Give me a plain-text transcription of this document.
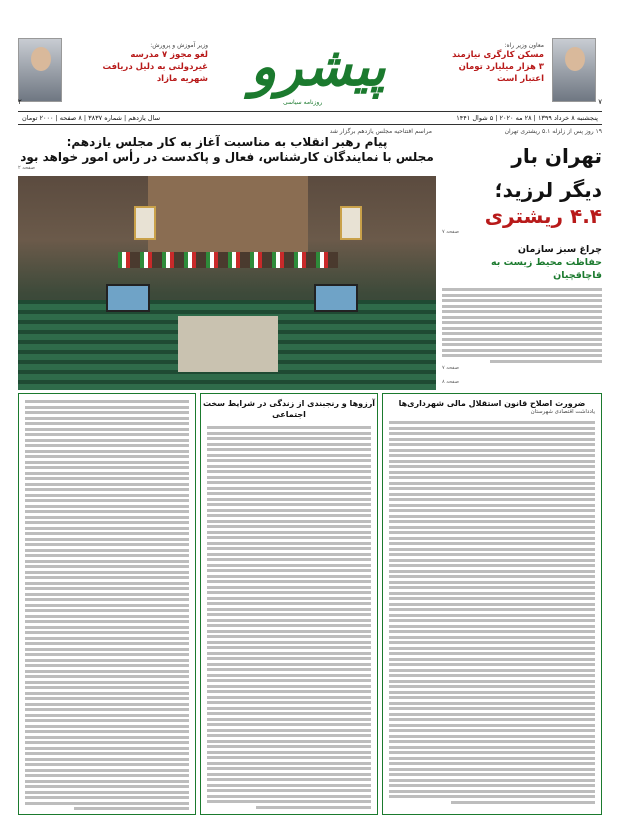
معاون وزیر راه:
مسکن کارگری نیازمند
۳ هزار میلیارد تومان
اعتبار است
۷
پیشرو
روزنامه سیاسی
وزیر آموزش و پرورش:
لغو مجوز ۷ مدرسه
غیردولتی به دلیل دریافت
شهریه مازاد
۲
پنجشنبه ۸ خرداد ۱۳۹۹ | ۲۸ مه ۲۰۲۰ | ۵ شوال ۱۴۴۱
سال یازدهم | شماره ۳۸۳۷ | ۸ صفحه | ۲۰۰۰ تومان
مراسم افتتاحیه مجلس یازدهم برگزار شد
پیام رهبر انقلاب به مناسبت آغاز به کار مجلس یازدهم:
مجلس با نمایندگان کارشناس، فعال و پاکدست در رأس امور خواهد بود
صفحه ۲
۱۹ روز پس از زلزله ۵.۱ ریشتری تهران
تهران بار
دیگر لرزید؛
۴.۴ ریشتری
صفحه ۷
چراغ سبز سازمان
حفاظت محیط زیست به قاچاقچیان
صفحه ۷
صفحه ۸
ضرورت اصلاح قانون استقلال مالی شهرداری‌ها
یادداشت اقتصادی شهرستان
آرزوها و رنجبندی از زندگی در شرایط سخت اجتماعی
